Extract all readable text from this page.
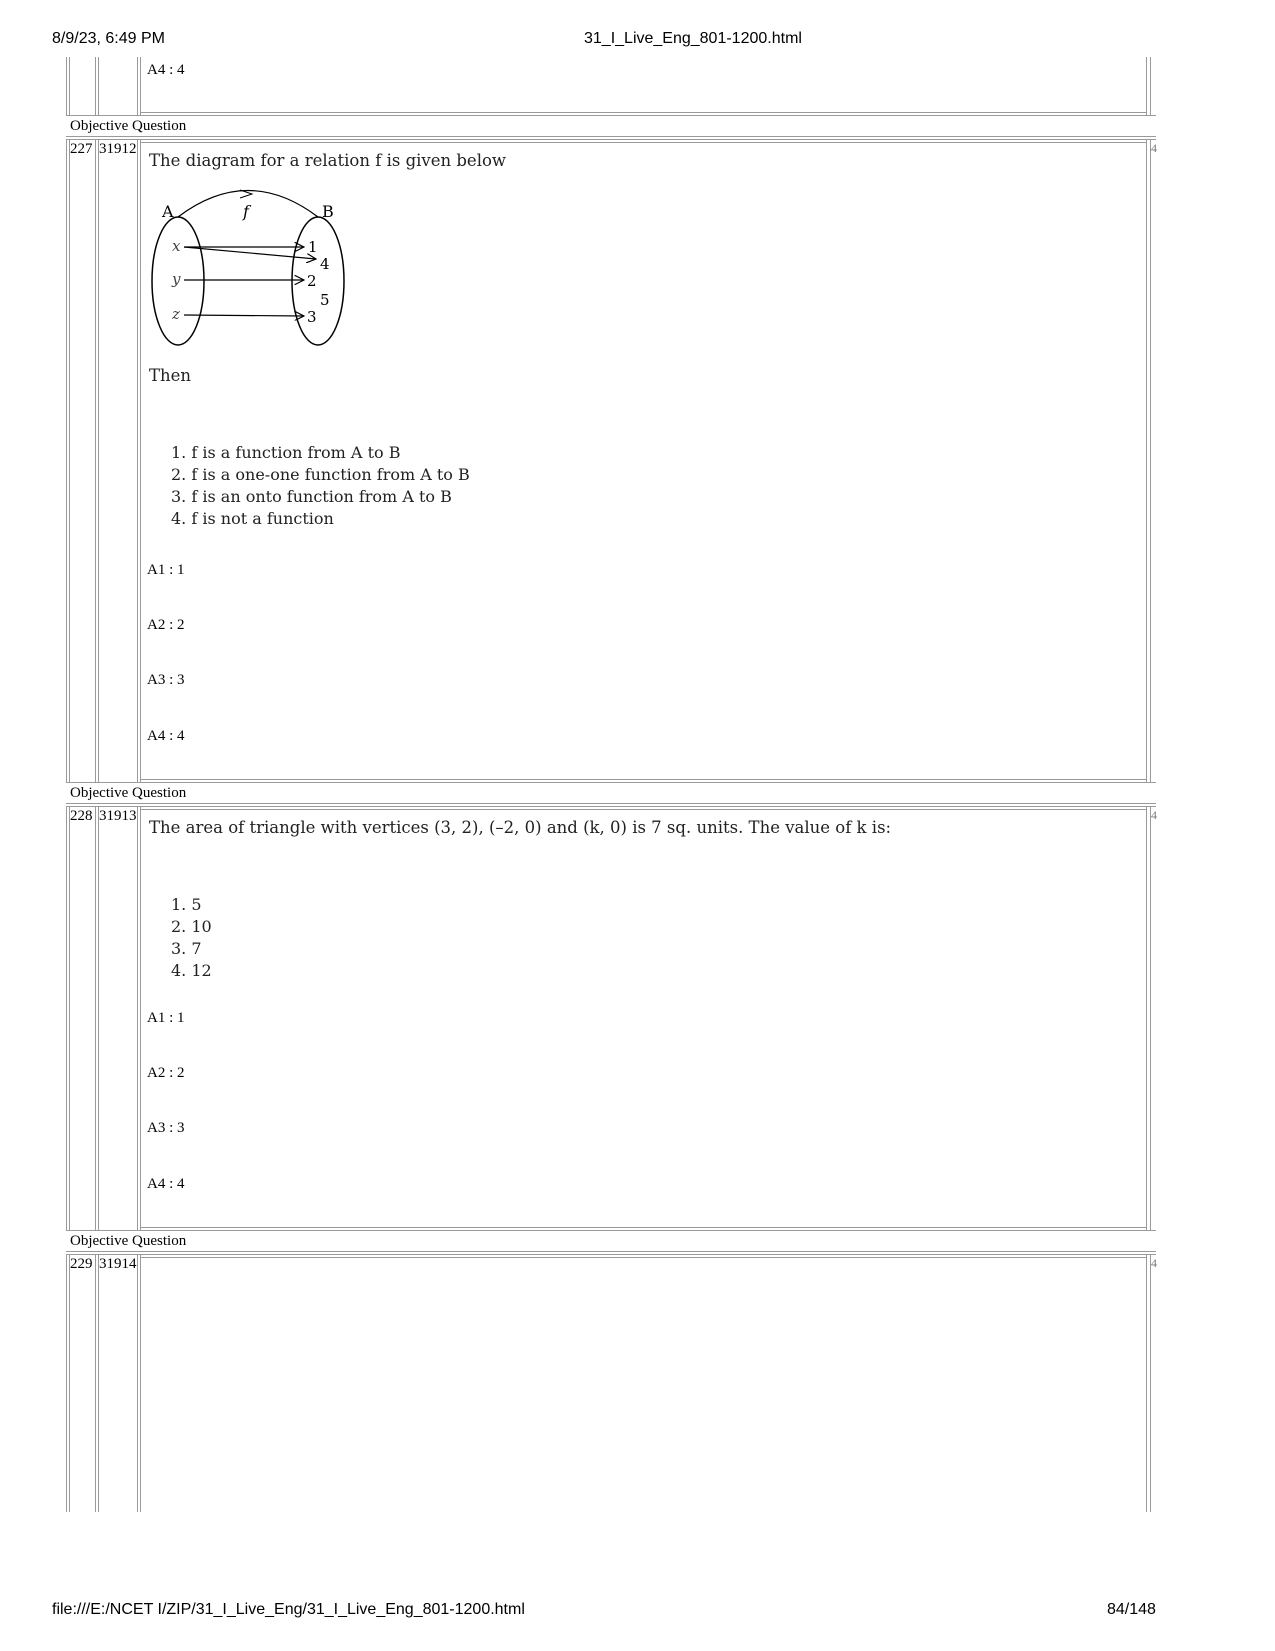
8/9/23, 6:49 PM	31_I_Live_Eng_801-1200.html
A4 : 4
Objective Question
227 31912	4
The diagram for a relation f is given below
A	B
f
x
y
z
1
4
2
5
3
Then
1. f is a function from A to B
2. f is a one-one function from A to B
3. f is an onto function from A to B
4. f is not a function
A1 : 1
A2 : 2
A3 : 3
A4 : 4
Objective Question
228 31913	4
The area of triangle with vertices (3, 2), (–2, 0) and (k, 0) is 7 sq. units. The value of k is:
1. 5
2. 10
3. 7
4. 12
A1 : 1
A2 : 2
A3 : 3
A4 : 4
Objective Question
229 31914	4
file:///E:/NCET I/ZIP/31_I_Live_Eng/31_I_Live_Eng_801-1200.html	84/148
